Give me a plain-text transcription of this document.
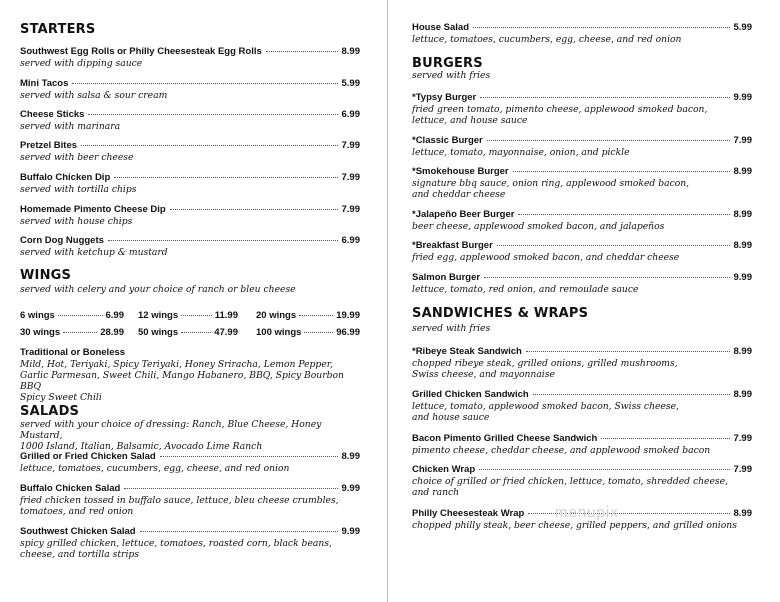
STARTERS
Southwest Egg Rolls or Philly Cheesesteak Egg Rolls	8.99
served with dipping sauce
Mini Tacos	5.99
served with salsa & sour cream
Cheese Sticks	6.99
served with marinara
Pretzel Bites	7.99
served with beer cheese
Buffalo Chicken Dip	7.99
served with tortilla chips
Homemade Pimento Cheese Dip	7.99
served with house chips
Corn Dog Nuggets	6.99
served with ketchup & mustard
WINGS
served with celery and your choice of ranch or bleu cheese
6 wings	6.99 12 wings	11.99 20 wings	19.99
30 wings	28.99 50 wings	47.99 100 wings	96.99
Traditional or Boneless
Mild, Hot, Teriyaki, Spicy Teriyaki, Honey Sriracha, Lemon Pepper,
Garlic Parmesan, Sweet Chili, Mango Habanero, BBQ, Spicy Bourbon BBQ
Spicy Sweet Chili
SALADS
served with your choice of dressing: Ranch, Blue Cheese, Honey Mustard,
1000 Island, Italian, Balsamic, Avocado Lime Ranch
Grilled or Fried Chicken Salad	8.99
lettuce, tomatoes, cucumbers, egg, cheese, and red onion
Buffalo Chicken Salad	9.99
fried chicken tossed in buffalo sauce, lettuce, bleu cheese crumbles,
tomatoes, and red onion
Southwest Chicken Salad	9.99
spicy grilled chicken, lettuce, tomatoes, roasted corn, black beans,
cheese, and tortilla strips
House Salad	5.99
lettuce, tomatoes, cucumbers, egg, cheese, and red onion
BURGERS
served with fries
*Typsy Burger	9.99
fried green tomato, pimento cheese, applewood smoked bacon,
lettuce, and house sauce
*Classic Burger	7.99
lettuce, tomato, mayonnaise, onion, and pickle
*Smokehouse Burger	8.99
signature bbq sauce, onion ring, applewood smoked bacon,
and cheddar cheese
*Jalapeño Beer Burger	8.99
beer cheese, applewood smoked bacon, and jalapeños
*Breakfast Burger	8.99
fried egg, applewood smoked bacon, and cheddar cheese
Salmon Burger	9.99
lettuce, tomato, red onion, and remoulade sauce
SANDWICHES & WRAPS
served with fries
*Ribeye Steak Sandwich	8.99
chopped ribeye steak, grilled onions, grilled mushrooms,
Swiss cheese, and mayonnaise
Grilled Chicken Sandwich	8.99
lettuce, tomato, applewood smoked bacon, Swiss cheese,
and house sauce
Bacon Pimento Grilled Cheese Sandwich	7.99
pimento cheese, cheddar cheese, and applewood smoked bacon
Chicken Wrap	7.99
choice of grilled or fried chicken, lettuce, tomato, shredded cheese,
and ranch
Philly Cheesesteak Wrap	8.99
chopped philly steak, beer cheese, grilled peppers, and grilled onions
menupix
